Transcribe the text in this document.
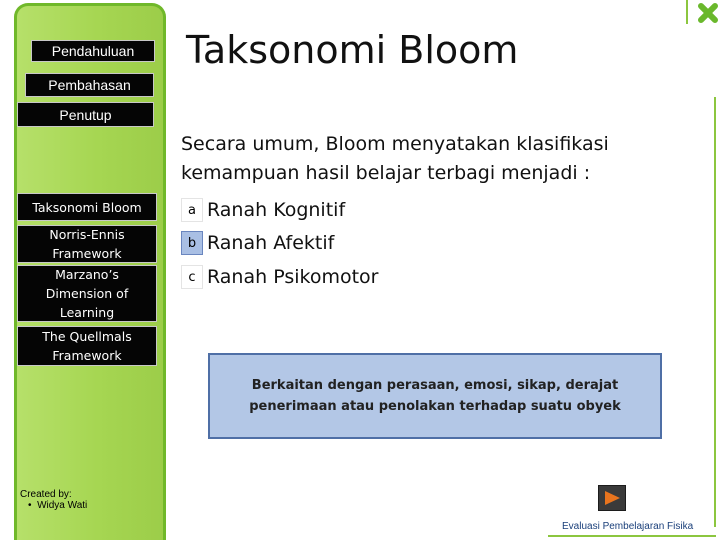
Pendahuluan
Pembahasan
Penutup
Taksonomi Bloom
Norris-Ennis
Framework
Marzano’s
Dimension of
Learning
The Quellmals
Framework
Created by:
•  Widya Wati
Taksonomi Bloom
Secara umum, Bloom menyatakan klasifikasi
kemampuan hasil belajar terbagi menjadi :
a Ranah Kognitif
b Ranah Afektif
c Ranah Psikomotor
Berkaitan dengan perasaan, emosi, sikap, derajat penerimaan atau penolakan terhadap suatu obyek
Evaluasi Pembelajaran Fisika
